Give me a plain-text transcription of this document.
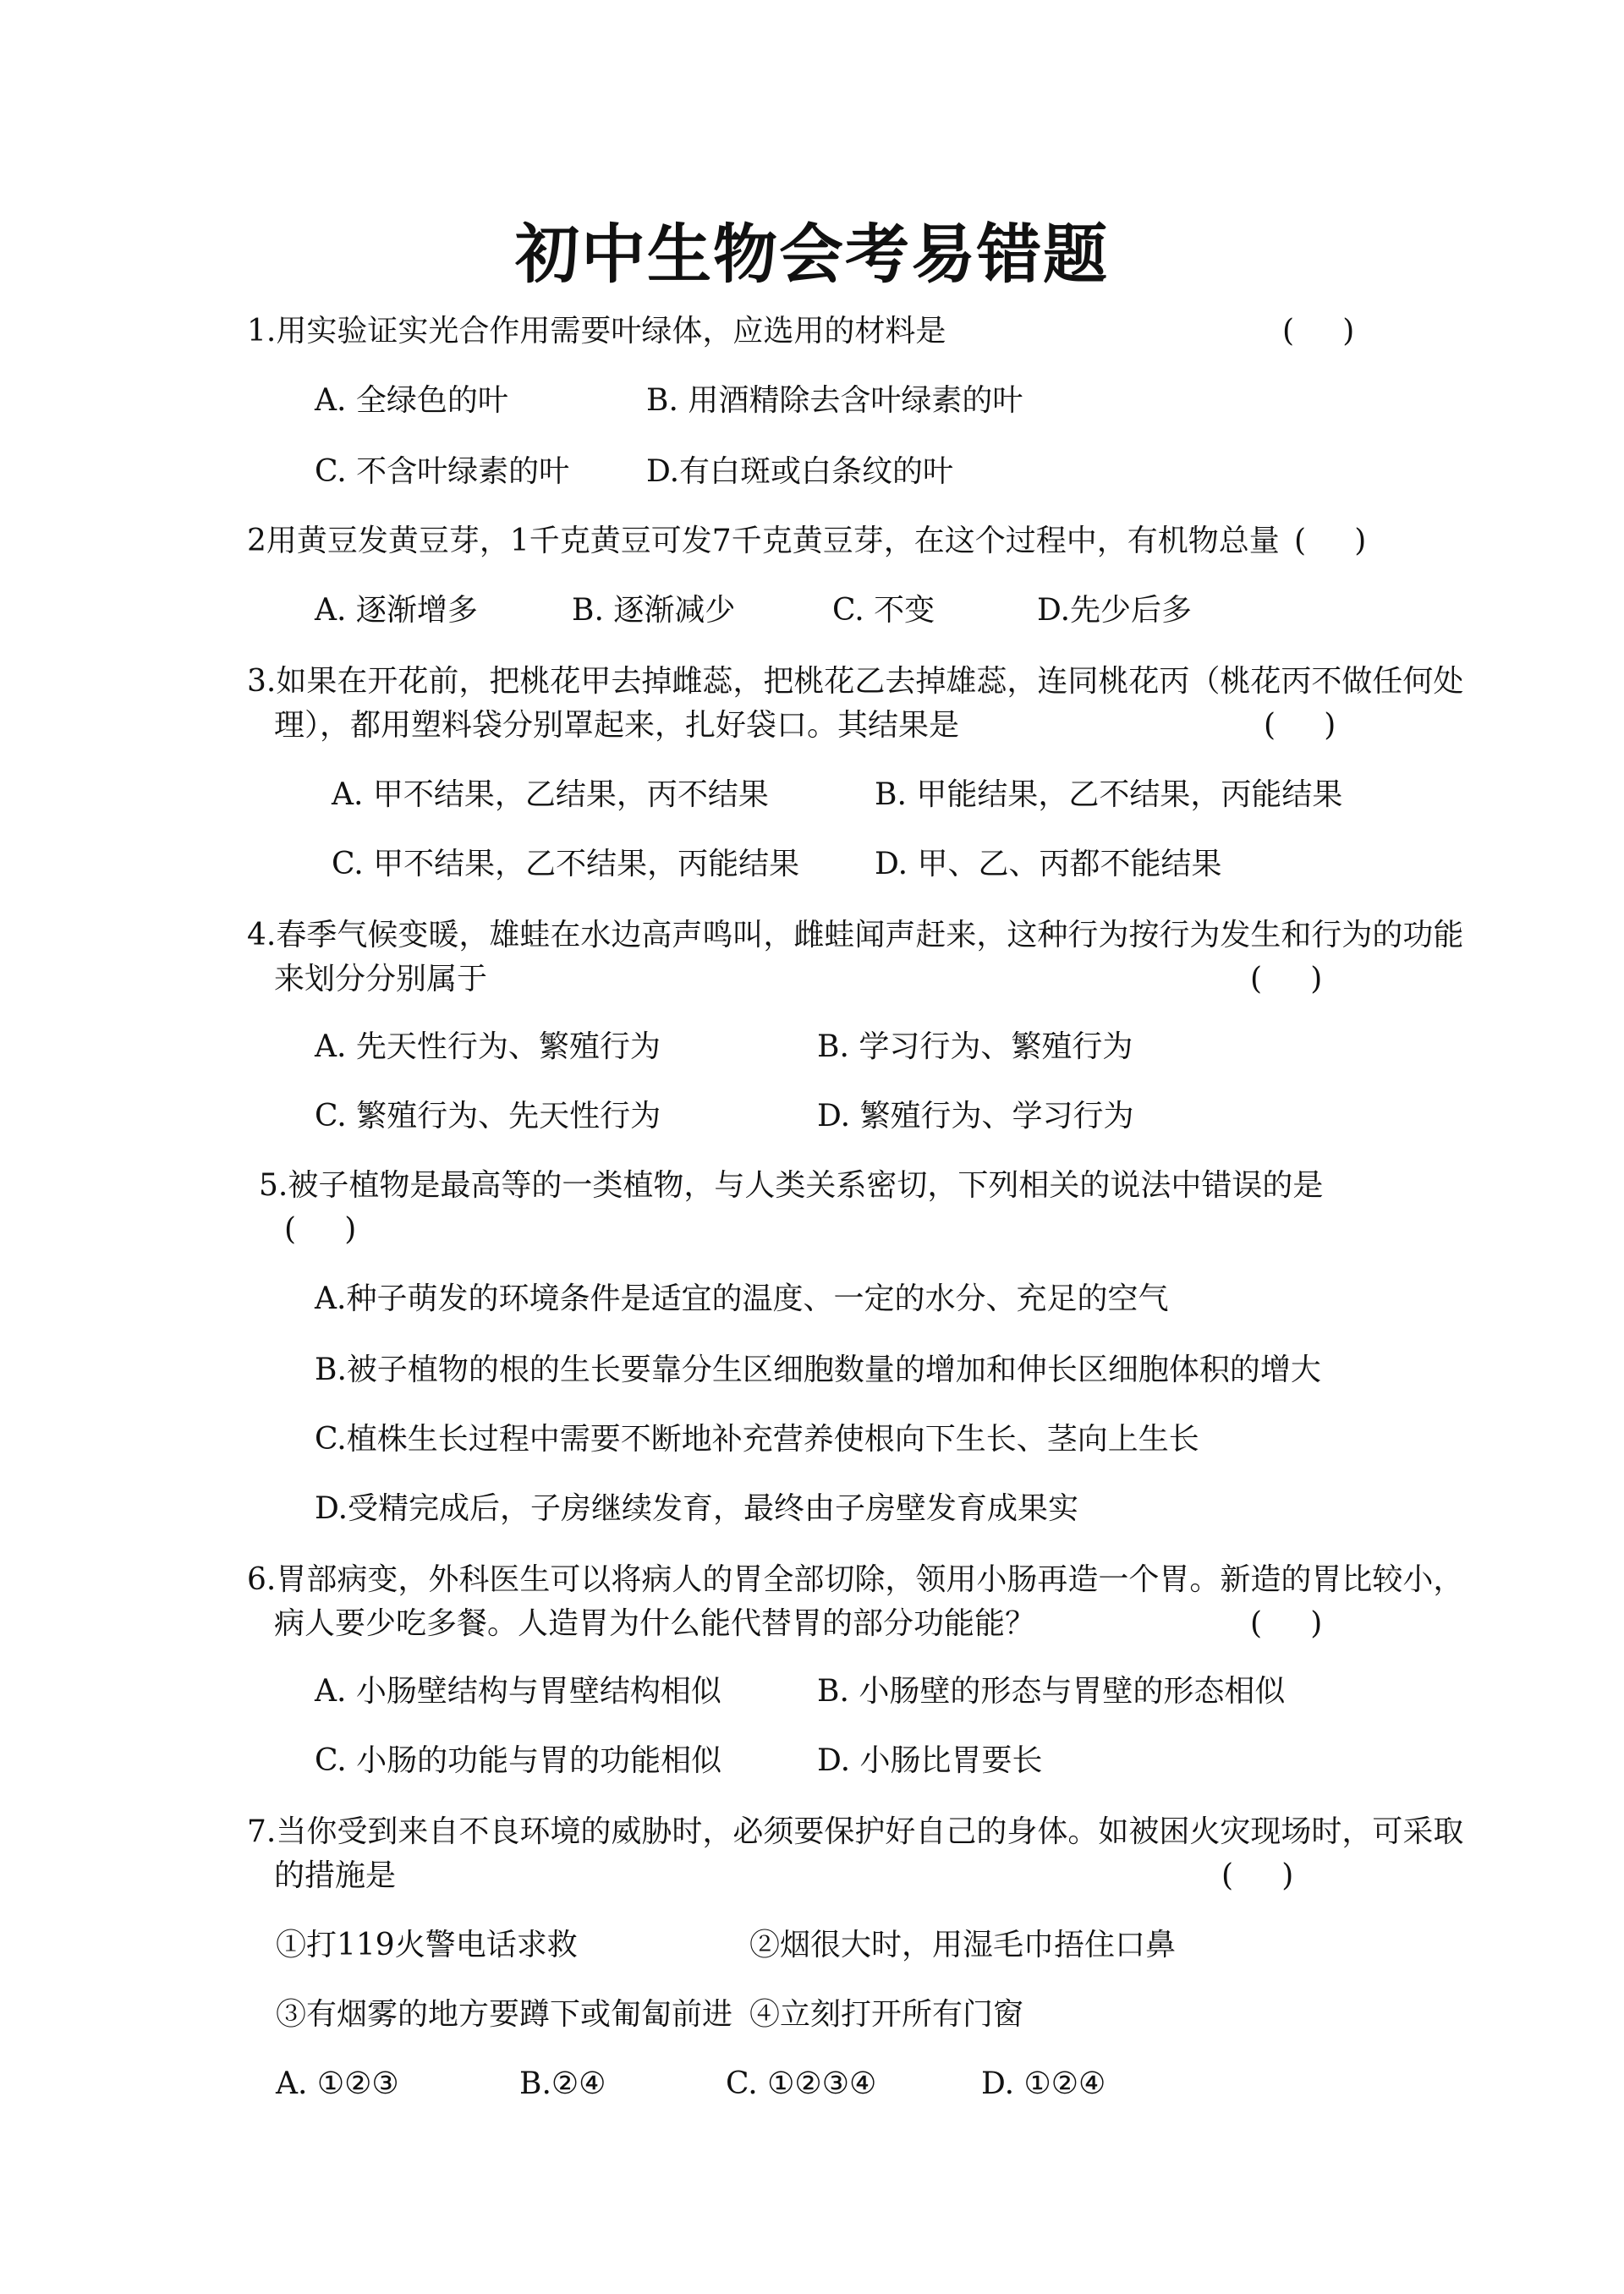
初中生物会考易错题
1.用实验证实光合作用需要叶绿体，应选用的材料是	(     )
A. 全绿色的叶	B. 用酒精除去含叶绿素的叶
C. 不含叶绿素的叶	D.有白斑或白条纹的叶
2用黄豆发黄豆芽，1千克黄豆可发7千克黄豆芽，在这个过程中，有机物总量 (     )
A. 逐渐增多	B. 逐渐减少	C. 不变	D.先少后多
3.如果在开花前，把桃花甲去掉雌蕊，把桃花乙去掉雄蕊，连同桃花丙（桃花丙不做任何处
理），都用塑料袋分别罩起来，扎好袋口。其结果是	(     )
A. 甲不结果，乙结果，丙不结果	B. 甲能结果，乙不结果，丙能结果
C. 甲不结果，乙不结果，丙能结果 D. 甲、乙、丙都不能结果
4.春季气候变暖，雄蛙在水边高声鸣叫，雌蛙闻声赶来，这种行为按行为发生和行为的功能
来划分分别属于	(     )
A. 先天性行为、繁殖行为	B. 学习行为、繁殖行为
C. 繁殖行为、先天性行为	D. 繁殖行为、学习行为
5.被子植物是最高等的一类植物，与人类关系密切，下列相关的说法中错误的是
(     )
A.种子萌发的环境条件是适宜的温度、一定的水分、充足的空气
B.被子植物的根的生长要靠分生区细胞数量的增加和伸长区细胞体积的增大
C.植株生长过程中需要不断地补充营养使根向下生长、茎向上生长
D.受精完成后，子房继续发育，最终由子房壁发育成果实
6.胃部病变，外科医生可以将病人的胃全部切除，领用小肠再造一个胃。新造的胃比较小，
病人要少吃多餐。人造胃为什么能代替胃的部分功能能？	(     )
A. 小肠壁结构与胃壁结构相似	B. 小肠壁的形态与胃壁的形态相似
C. 小肠的功能与胃的功能相似	D. 小肠比胃要长
7.当你受到来自不良环境的威胁时，必须要保护好自己的身体。如被困火灾现场时，可采取
的措施是	(     )
①打119火警电话求救	②烟很大时，用湿毛巾捂住口鼻
③有烟雾的地方要蹲下或匍匐前进 ④立刻打开所有门窗
A. ①②③	B.②④	C. ①②③④	D. ①②④
